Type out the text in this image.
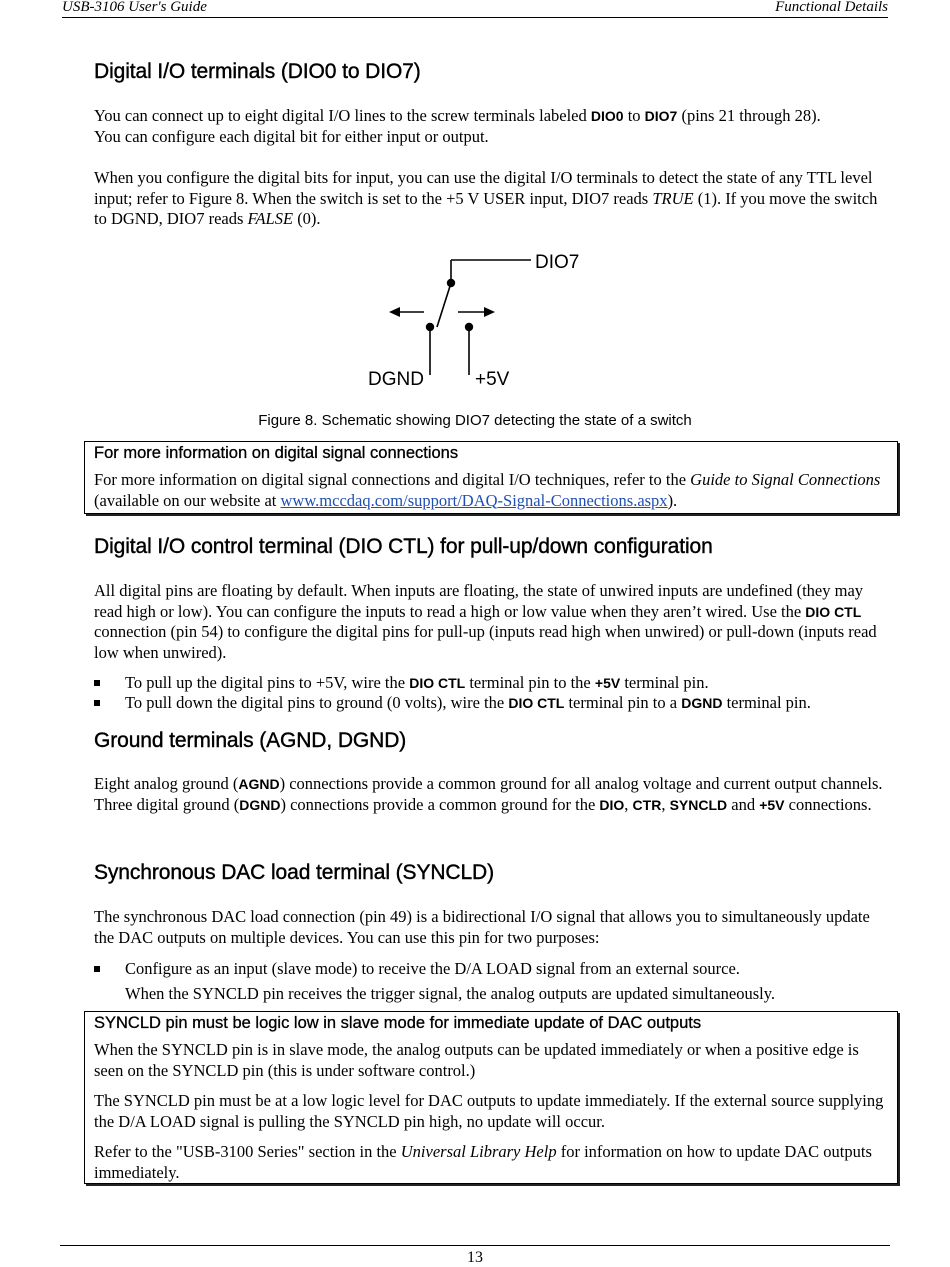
USB-3106 User's Guide	Functional Details
Digital I/O terminals (DIO0 to DIO7)

You can connect up to eight digital I/O lines to the screw terminals labeled DIO0 to DIO7 (pins 21 through 28).
You can configure each digital bit for either input or output.

When you configure the digital bits for input, you can use the digital I/O terminals to detect the state of any TTL level input; refer to Figure 8. When the switch is set to the +5 V USER input, DIO7 reads TRUE (1). If you move the switch to DGND, DIO7 reads FALSE (0).

DIO7
DGND	+5V
Figure 8. Schematic showing DIO7 detecting the state of a switch
For more information on digital signal connections

For more information on digital signal connections and digital I/O techniques, refer to the Guide to Signal Connections (available on our website at www.mccdaq.com/support/DAQ-Signal-Connections.aspx).

Digital I/O control terminal (DIO CTL) for pull-up/down configuration

All digital pins are floating by default. When inputs are floating, the state of unwired inputs are undefined (they may read high or low). You can configure the inputs to read a high or low value when they aren’t wired. Use the DIO CTL connection (pin 54) to configure the digital pins for pull-up (inputs read high when unwired) or pull-down (inputs read low when unwired).

To pull up the digital pins to +5V, wire the DIO CTL terminal pin to the +5V terminal pin.
To pull down the digital pins to ground (0 volts), wire the DIO CTL terminal pin to a DGND terminal pin.
Ground terminals (AGND, DGND)

Eight analog ground (AGND) connections provide a common ground for all analog voltage and current output channels. Three digital ground (DGND) connections provide a common ground for the DIO, CTR, SYNCLD and +5V connections.

Synchronous DAC load terminal (SYNCLD)

The synchronous DAC load connection (pin 49) is a bidirectional I/O signal that allows you to simultaneously update the DAC outputs on multiple devices. You can use this pin for two purposes:

Configure as an input (slave mode) to receive the D/A LOAD signal from an external source.
When the SYNCLD pin receives the trigger signal, the analog outputs are updated simultaneously.
SYNCLD pin must be logic low in slave mode for immediate update of DAC outputs

When the SYNCLD pin is in slave mode, the analog outputs can be updated immediately or when a positive edge is seen on the SYNCLD pin (this is under software control.)

The SYNCLD pin must be at a low logic level for DAC outputs to update immediately. If the external source supplying the D/A LOAD signal is pulling the SYNCLD pin high, no update will occur.

Refer to the "USB-3100 Series" section in the Universal Library Help for information on how to update DAC outputs immediately.

13
